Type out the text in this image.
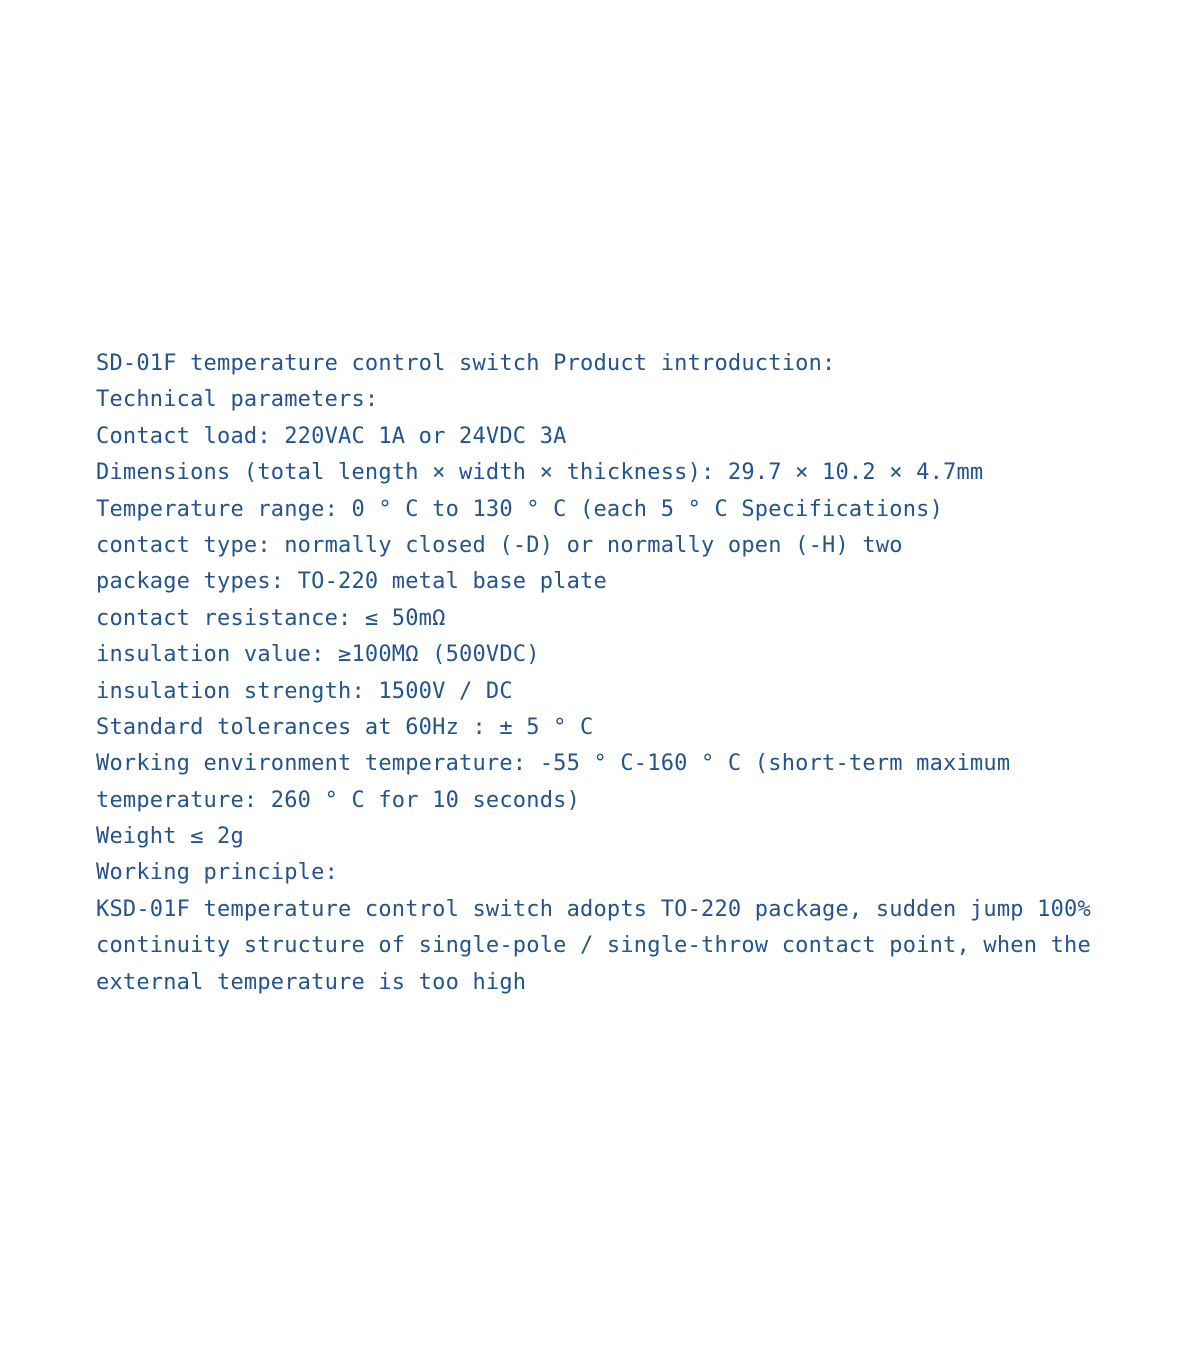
SD-01F temperature control switch Product introduction:
Technical parameters:
Contact load: 220VAC 1A or 24VDC 3A
Dimensions (total length × width × thickness): 29.7 × 10.2 × 4.7mm
Temperature range: 0 ° C to 130 ° C (each 5 ° C Specifications)
contact type: normally closed (-D) or normally open (-H) two
package types: TO-220 metal base plate
contact resistance: ≤ 50mΩ
insulation value: ≥100MΩ (500VDC)
insulation strength: 1500V / DC
Standard tolerances at 60Hz : ± 5 ° C
Working environment temperature: -55 ° C-160 ° C (short-term maximum
temperature: 260 ° C for 10 seconds)
Weight ≤ 2g
Working principle:
KSD-01F temperature control switch adopts TO-220 package, sudden jump 100%
continuity structure of single-pole / single-throw contact point, when the
external temperature is too high
